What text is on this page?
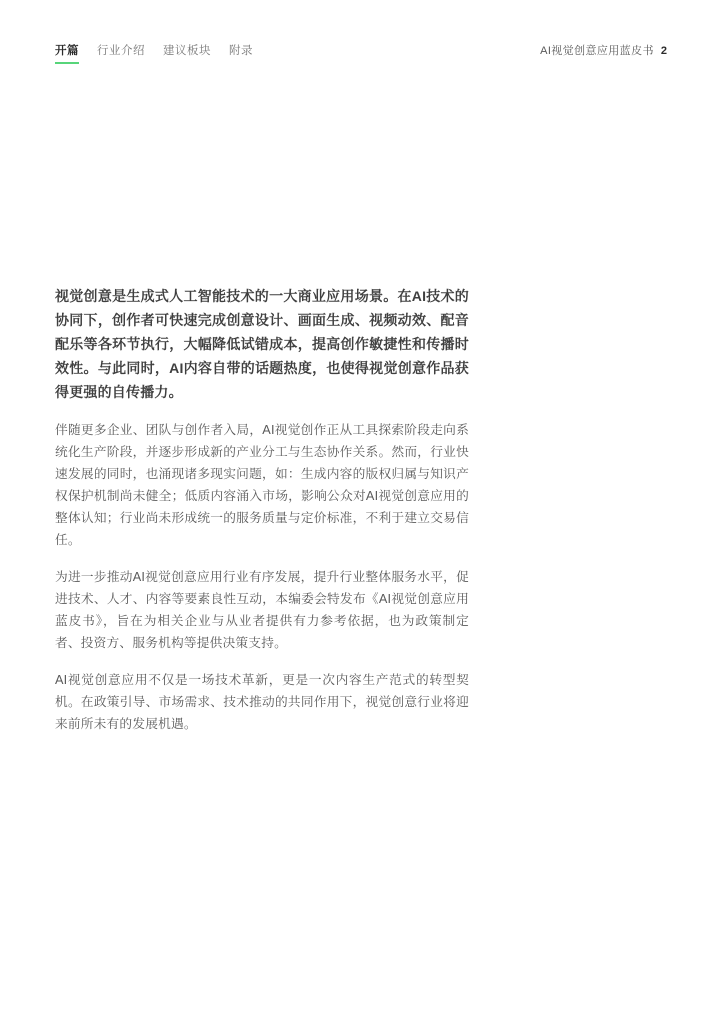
开篇 行业介绍 建议板块 附录	AI视觉创意应用蓝皮书 2

视觉创意是生成式人工智能技术的一大商业应用场景。在AI技术的协同下，创作者可快速完成创意设计、画面生成、视频动效、配音配乐等各环节执行，大幅降低试错成本，提高创作敏捷性和传播时效性。与此同时，AI内容自带的话题热度，也使得视觉创意作品获得更强的自传播力。

伴随更多企业、团队与创作者入局，AI视觉创作正从工具探索阶段走向系统化生产阶段，并逐步形成新的产业分工与生态协作关系。然而，行业快速发展的同时，也涌现诸多现实问题，如：生成内容的版权归属与知识产权保护机制尚未健全；低质内容涌入市场，影响公众对AI视觉创意应用的整体认知；行业尚未形成统一的服务质量与定价标准，不利于建立交易信任。

为进一步推动AI视觉创意应用行业有序发展，提升行业整体服务水平，促进技术、人才、内容等要素良性互动，本编委会特发布《AI视觉创意应用蓝皮书》，旨在为相关企业与从业者提供有力参考依据，也为政策制定者、投资方、服务机构等提供决策支持。

AI视觉创意应用不仅是一场技术革新，更是一次内容生产范式的转型契机。在政策引导、市场需求、技术推动的共同作用下，视觉创意行业将迎来前所未有的发展机遇。
